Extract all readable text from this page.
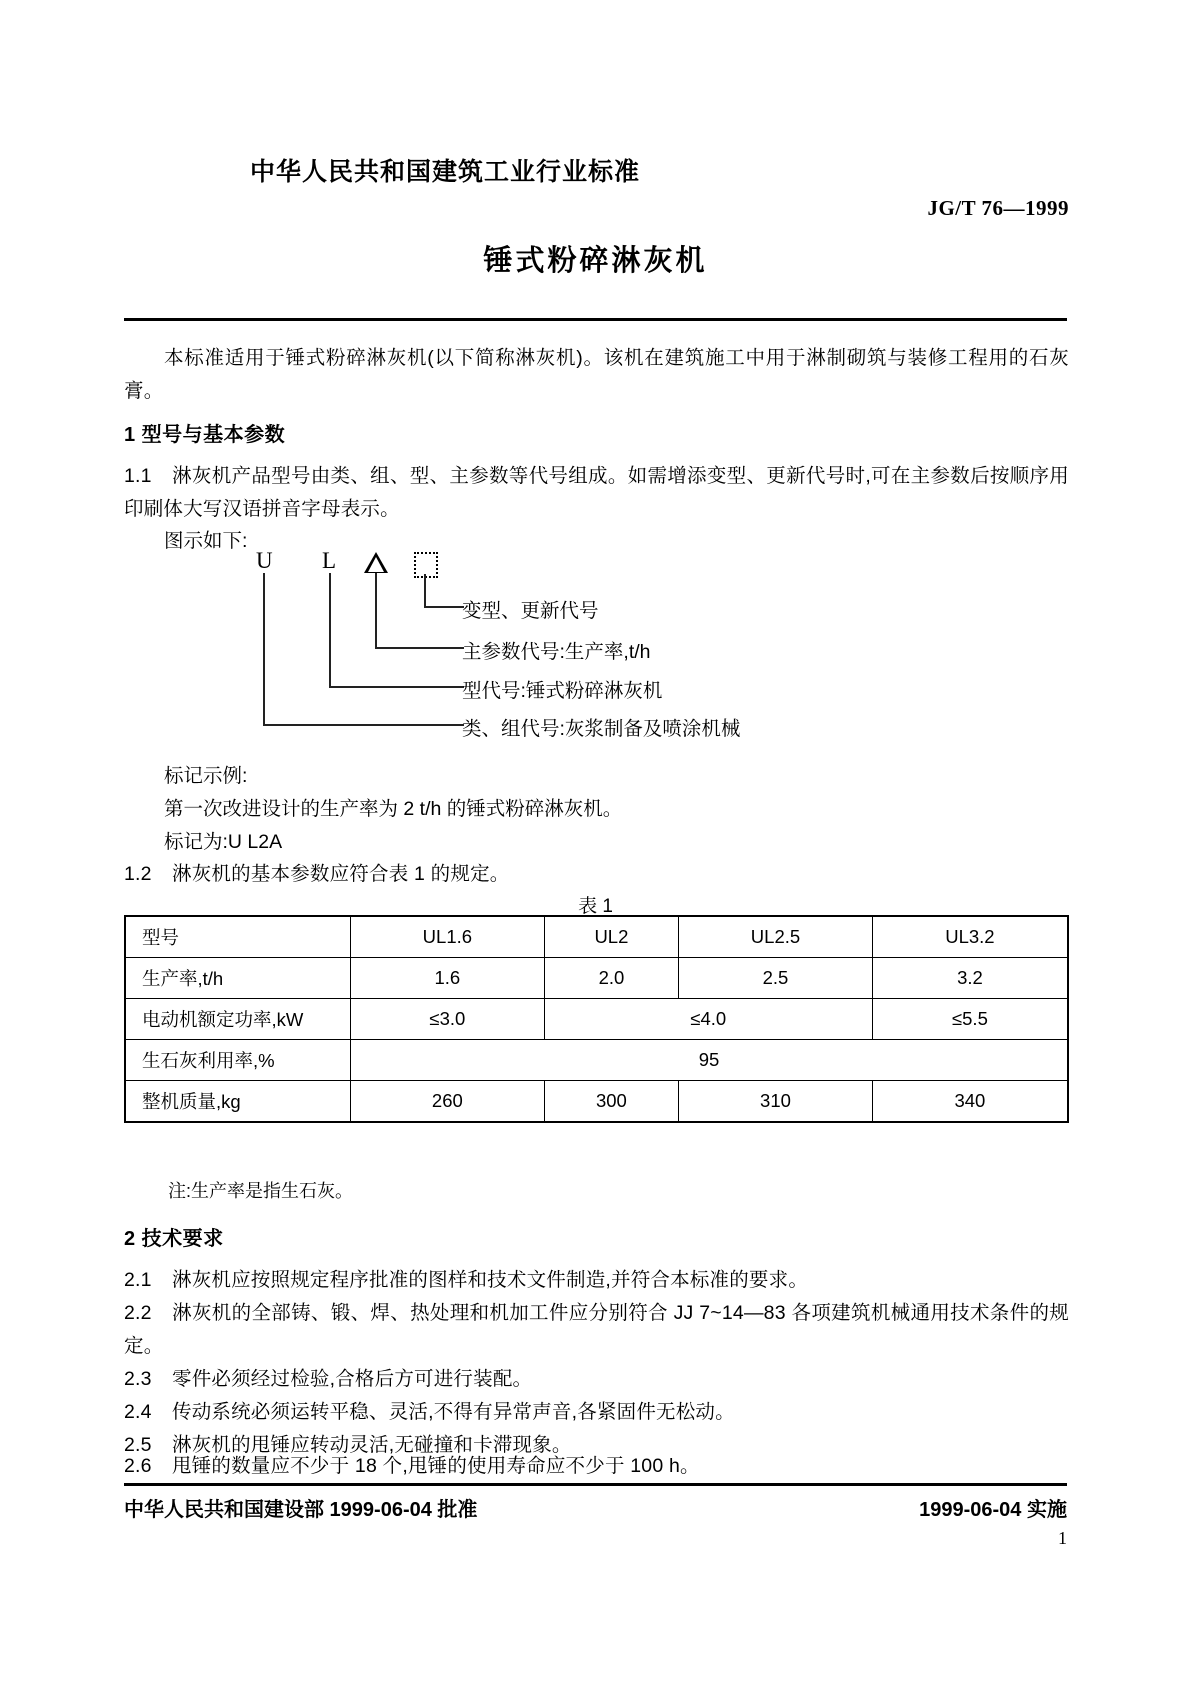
中华人民共和国建筑工业行业标准
JG/T 76—1999
锤式粉碎淋灰机
本标准适用于锤式粉碎淋灰机(以下简称淋灰机)。该机在建筑施工中用于淋制砌筑与装修工程用的石灰膏。
1 型号与基本参数
1.1 淋灰机产品型号由类、组、型、主参数等代号组成。如需增添变型、更新代号时,可在主参数后按顺序用印刷体大写汉语拼音字母表示。
图示如下:
U L
变型、更新代号
主参数代号:生产率,t/h
型代号:锤式粉碎淋灰机
类、组代号:灰浆制备及喷涂机械
标记示例:
第一次改进设计的生产率为 2 t/h 的锤式粉碎淋灰机。
标记为:U L2A
1.2 淋灰机的基本参数应符合表 1 的规定。
表 1
型号	UL1.6	UL2	UL2.5	UL3.2
生产率,t/h	1.6	2.0	2.5	3.2
电动机额定功率,kW	≤3.0	≤4.0		≤5.5
生石灰利用率,%	95			
整机质量,kg	260	300	310	340
注:生产率是指生石灰。
2 技术要求
2.1 淋灰机应按照规定程序批准的图样和技术文件制造,并符合本标准的要求。
2.2 淋灰机的全部铸、锻、焊、热处理和机加工件应分别符合 JJ 7~14—83 各项建筑机械通用技术条件的规定。
2.3 零件必须经过检验,合格后方可进行装配。
2.4 传动系统必须运转平稳、灵活,不得有异常声音,各紧固件无松动。
2.5 淋灰机的甩锤应转动灵活,无碰撞和卡滞现象。
2.6 甩锤的数量应不少于 18 个,甩锤的使用寿命应不少于 100 h。
中华人民共和国建设部 1999-06-04 批准	1999-06-04 实施
1
